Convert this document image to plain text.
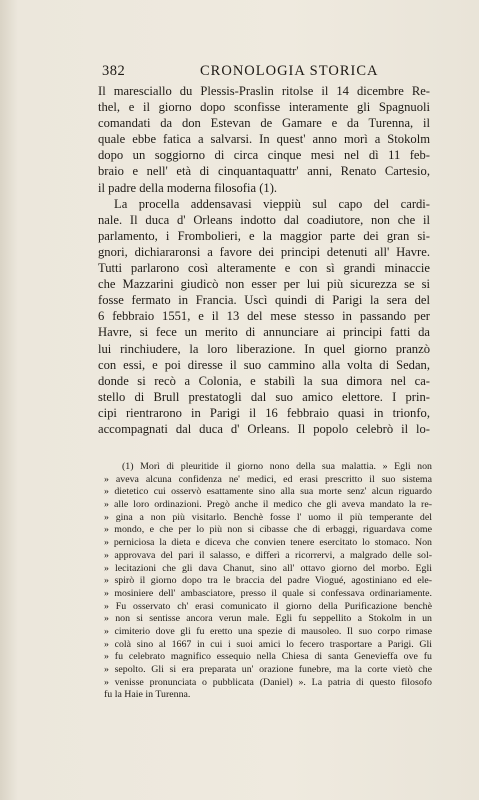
382	CRONOLOGIA STORICA
Il maresciallo du Plessis-Praslin ritolse il 14 dicembre Re-
thel, e il giorno dopo sconfisse interamente gli Spagnuoli
comandati da don Estevan de Gamare e da Turenna, il
quale ebbe fatica a salvarsi. In quest' anno morì a Stokolm
dopo un soggiorno di circa cinque mesi nel dì 11 feb-
braio e nell' età di cinquantaquattr' anni, Renato Cartesio,
il padre della moderna filosofia (1).
La procella addensavasi vieppiù sul capo del cardi-
nale. Il duca d' Orleans indotto dal coadiutore, non che il
parlamento, i Frombolieri, e la maggior parte dei gran si-
gnori, dichiararonsi a favore dei principi detenuti all' Havre.
Tutti parlarono così alteramente e con sì grandi minaccie
che Mazzarini giudicò non esser per lui più sicurezza se si
fosse fermato in Francia. Uscì quindi di Parigi la sera del
6 febbraio 1551, e il 13 del mese stesso in passando per
Havre, si fece un merito di annunciare ai principi fatti da
lui rinchiudere, la loro liberazione. In quel giorno pranzò
con essi, e poi diresse il suo cammino alla volta di Sedan,
donde si recò a Colonia, e stabilì la sua dimora nel ca-
stello di Brull prestatogli dal suo amico elettore. I prin-
cipi rientrarono in Parigi il 16 febbraio quasi in trionfo,
accompagnati dal duca d' Orleans. Il popolo celebrò il lo-
(1) Morì di pleuritide il giorno nono della sua malattia. » Egli non
» aveva alcuna confidenza ne' medici, ed erasi prescritto il suo sistema
» dietetico cui osservò esattamente sino alla sua morte senz' alcun riguardo
» alle loro ordinazioni. Pregò anche il medico che gli aveva mandato la re-
» gina a non più visitarlo. Benchè fosse l' uomo il più temperante del
» mondo, e che per lo più non si cibasse che di erbaggi, riguardava come
» perniciosa la dieta e diceva che convien tenere esercitato lo stomaco. Non
» approvava del pari il salasso, e differì a ricorrervi, a malgrado delle sol-
» lecitazioni che gli dava Chanut, sino all' ottavo giorno del morbo. Egli
» spirò il giorno dopo tra le braccia del padre Viogué, agostiniano ed ele-
» mosiniere dell' ambasciatore, presso il quale si confessava ordinariamente.
» Fu osservato ch' erasi comunicato il giorno della Purificazione benchè
» non si sentisse ancora verun male. Egli fu seppellito a Stokolm in un
» cimiterio dove gli fu eretto una spezie di mausoleo. Il suo corpo rimase
» colà sino al 1667 in cui i suoi amici lo fecero trasportare a Parigi. Gli
» fu celebrato magnifico essequio nella Chiesa di santa Genevieffa ove fu
» sepolto. Gli si era preparata un' orazione funebre, ma la corte vietò che
» venisse pronunciata o pubblicata (Daniel) ». La patria di questo filosofo
fu la Haie in Turenna.
